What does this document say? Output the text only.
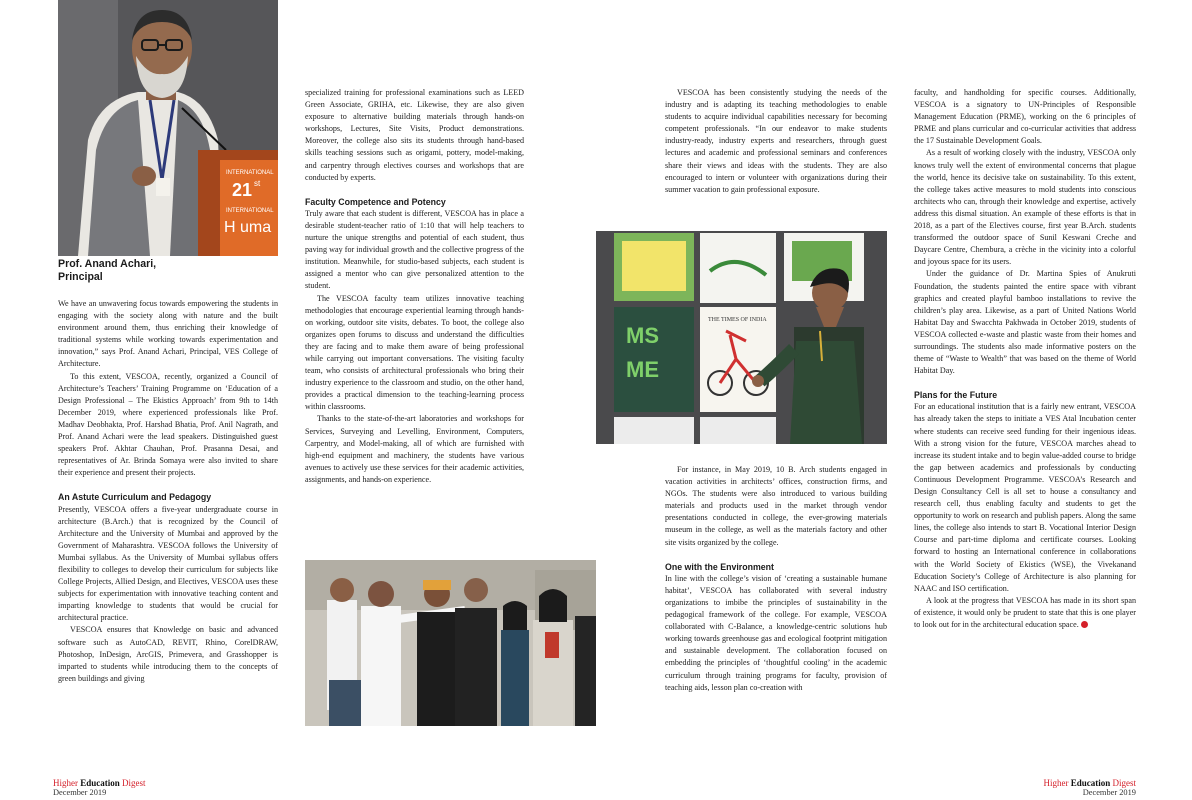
INTERNATIONAL
21 st
INTERNATIONAL
H uma
Prof. Anand Achari,
Principal

We have an unwavering focus towards empowering the students in engaging with the society along with nature and the built environment around them, thus enriching their knowledge of traditional systems while working towards experimentation and innovation,” says Prof. Anand Achari, Principal, VES College of Architecture.

To this extent, VESCOA, recently, organized a Council of Architecture’s Teachers’ Training Programme on ‘Education of a Design Professional – The Ekistics Approach’ from 9th to 14th December 2019, where experienced professionals like Prof. Madhav Deobhakta, Prof. Harshad Bhatia, Prof. Anil Nagrath, and Prof. Anand Achari were the lead speakers. Distinguished guest speakers Prof. Akhtar Chauhan, Prof. Prasanna Desai, and representatives of Ar. Brinda Somaya were also invited to share their experience and present their projects.

An Astute Curriculum and Pedagogy

Presently, VESCOA offers a five-year undergraduate course in architecture (B.Arch.) that is recognized by the Council of Architecture and the University of Mumbai and approved by the Government of Maharashtra. VESCOA follows the University of Mumbai syllabus. As the University of Mumbai syllabus offers flexibility to colleges to develop their curriculum for subjects like College Projects, Allied Design, and Electives, VESCOA uses these subjects for experimentation with innovative teaching content and imparting knowledge to students that would be crucial for architectural practice.

VESCOA ensures that Knowledge on basic and advanced software such as AutoCAD, REVIT, Rhino, CorelDRAW, Photoshop, InDesign, ArcGIS, Primevera, and Grasshopper is imparted to students while introducing them to the concepts of green buildings and giving

specialized training for professional examinations such as LEED Green Associate, GRIHA, etc. Likewise, they are also given exposure to alternative building materials through hands-on workshops, Lectures, Site Visits, Product demonstrations. Moreover, the college also sits its students through hand-based skills teaching sessions such as origami, pottery, model-making, and carpentry through electives courses and workshops that are conducted by experts.

Faculty Competence and Potency

Truly aware that each student is different, VESCOA has in place a desirable student-teacher ratio of 1:10 that will help teachers to nurture the unique strengths and potential of each student, thus paving way for individual growth and the collective progress of the institution. Meanwhile, for studio-based subjects, each student is assigned a mentor who can give personalized attention to the student.

The VESCOA faculty team utilizes innovative teaching methodologies that encourage experiential learning through hands-on working, outdoor site visits, debates. To boot, the college also organizes open forums to discuss and understand the difficulties they are facing and to make them aware of being professional while carrying out important conversations. The visiting faculty team, who consists of architectural professionals who bring their industry experience to the classroom and studio, on the other hand, provides a practical dimension to the teaching-learning process within classrooms.

Thanks to the state-of-the-art laboratories and workshops for Services, Surveying and Levelling, Environment, Computers, Carpentry, and Model-making, all of which are furnished with high-end equipment and machinery, the students have various avenues to actively use these services for their academic activities, assignments, and hands-on experience.

Higher Education Digest
December 2019

VESCOA has been consistently studying the needs of the industry and is adapting its teaching methodologies to enable students to acquire individual capabilities necessary for becoming competent professionals. “In our endeavor to make students industry-ready, industry experts and researchers, through guest lectures and academic and professional seminars and conferences share their views and ideas with the students. They are also encouraged to intern or volunteer with organizations during their summer vacation to gain professional exposure.

MS
ME
THE TIMES OF INDIA

For instance, in May 2019, 10 B. Arch students engaged in vacation activities in architects’ offices, construction firms, and NGOs. The students were also introduced to various building materials and products used in the market through vendor presentations conducted in college, the ever-growing materials museum in the college, as well as the materials factory and other site visits organized by the college.

One with the Environment

In line with the college’s vision of ‘creating a sustainable humane habitat’, VESCOA has collaborated with several industry organizations to imbibe the principles of sustainability in the pedagogical framework of the college. For example, VESCOA collaborated with C-Balance, a knowledge-centric solutions hub working towards greenhouse gas and ecological footprint mitigation and sustainable development. The collaboration focused on embedding the principles of ‘thoughtful cooling’ in the academic curriculum through training programs for faculty, provision of teaching aids, lesson plan co-creation with

faculty, and handholding for specific courses. Additionally, VESCOA is a signatory to UN-Principles of Responsible Management Education (PRME), working on the 6 principles of PRME and plans curricular and co-curricular activities that address the 17 Sustainable Development Goals.

As a result of working closely with the industry, VESCOA only knows truly well the extent of environmental concerns that plague the world, hence its decisive take on sustainability. To this extent, the college takes active measures to mold students into conscious architects who can, through their knowledge and expertise, actively address this dismal situation. An example of these efforts is that in 2018, as a part of the Electives course, first year B.Arch. students transformed the outdoor space of Sunil Keswani Creche and Daycare Centre, Chembura, a crèche in the vicinity into a colorful and joyous space for its users.

Under the guidance of Dr. Martina Spies of Anukruti Foundation, the students painted the entire space with vibrant graphics and created playful bamboo installations to revive the children’s play area. Likewise, as a part of United Nations World Habitat Day and Swacchta Pakhwada in October 2019, students of VESCOA collected e-waste and plastic waste from their homes and surroundings. The students also made informative posters on the theme of “Waste to Wealth” that was based on the theme of World Habitat Day.

Plans for the Future

For an educational institution that is a fairly new entrant, VESCOA has already taken the steps to initiate a VES Atal Incubation center where students can receive seed funding for their ingenious ideas. With a strong vision for the future, VESCOA marches ahead to increase its student intake and to begin value-added course to bridge the gap between academics and professionals by conducting Continuous Development Programme. VESCOA’s Research and Design Consultancy Cell is all set to house a consultancy and research cell, thus enabling faculty and students to get the opportunity to work on research and publish papers. Along the same lines, the college also intends to start B. Vocational Interior Design Course and part-time diploma and certificate courses. Looking forward to hosting an International conference in collaborations with the World Society of Ekistics (WSE), the Vivekanand Education Society’s College of Architecture is also planning for NAAC and ISO certification.

A look at the progress that VESCOA has made in its short span of existence, it would only be prudent to state that this is one player to look out for in the architectural education space.

Higher Education Digest
December 2019
